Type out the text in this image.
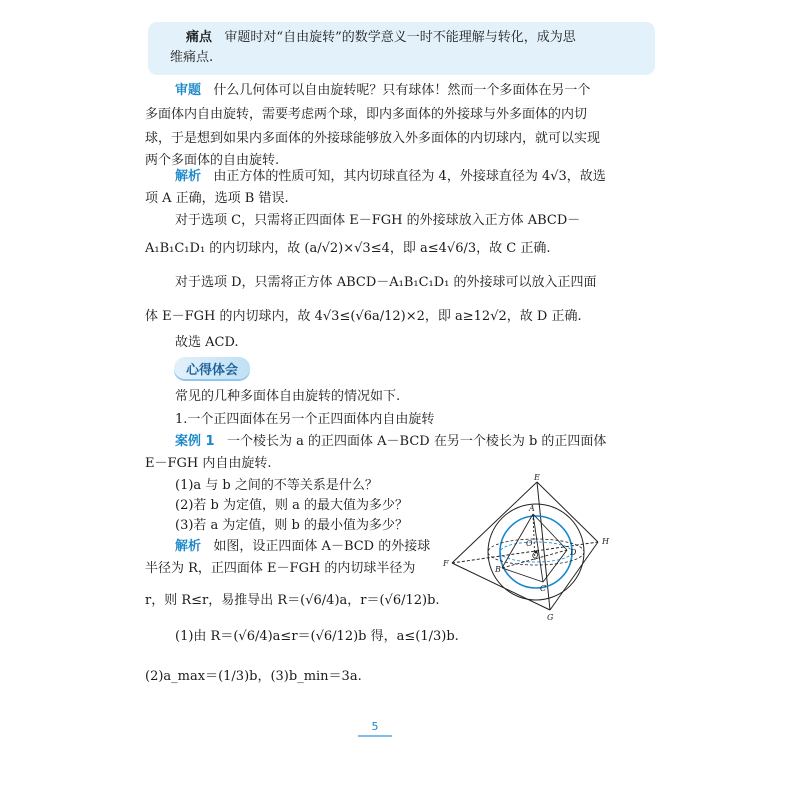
痛点 审题时对“自由旋转”的数学意义一时不能理解与转化，成为思
维痛点.
审题 什么几何体可以自由旋转呢？只有球体！然而一个多面体在另一个
多面体内自由旋转，需要考虑两个球，即内多面体的外接球与外多面体的内切
球，于是想到如果内多面体的外接球能够放入外多面体的内切球内，就可以实现
两个多面体的自由旋转.
解析 由正方体的性质可知，其内切球直径为 4，外接球直径为 4√3，故选
项 A 正确，选项 B 错误.
对于选项 C，只需将正四面体 E－FGH 的外接球放入正方体 ABCD－
A₁B₁C₁D₁ 的内切球内，故 (a/√2)×√3≤4，即 a≤4√6/3，故 C 正确.
对于选项 D，只需将正方体 ABCD－A₁B₁C₁D₁ 的外接球可以放入正四面
体 E－FGH 的内切球内，故 4√3≤(√6a/12)×2，即 a≥12√2，故 D 正确.
故选 ACD.
心得体会
常见的几种多面体自由旋转的情况如下.
1.一个正四面体在另一个正四面体内自由旋转
案例 1 一个棱长为 a 的正四面体 A－BCD 在另一个棱长为 b 的正四面体
E－FGH 内自由旋转.
(1)a 与 b 之间的不等关系是什么？
(2)若 b 为定值，则 a 的最大值为多少？
(3)若 a 为定值，则 b 的最小值为多少？
解析 如图，设正四面体 A－BCD 的外接球
半径为 R，正四面体 E－FGH 的内切球半径为
r，则 R≤r，易推导出 R＝(√6/4)a，r＝(√6/12)b.
(1)由 R＝(√6/4)a≤r＝(√6/12)b 得，a≤(1/3)b.
(2)a_max＝(1/3)b，(3)b_min＝3a.
E
A
O
O	D
H
F
B
C
G
5
